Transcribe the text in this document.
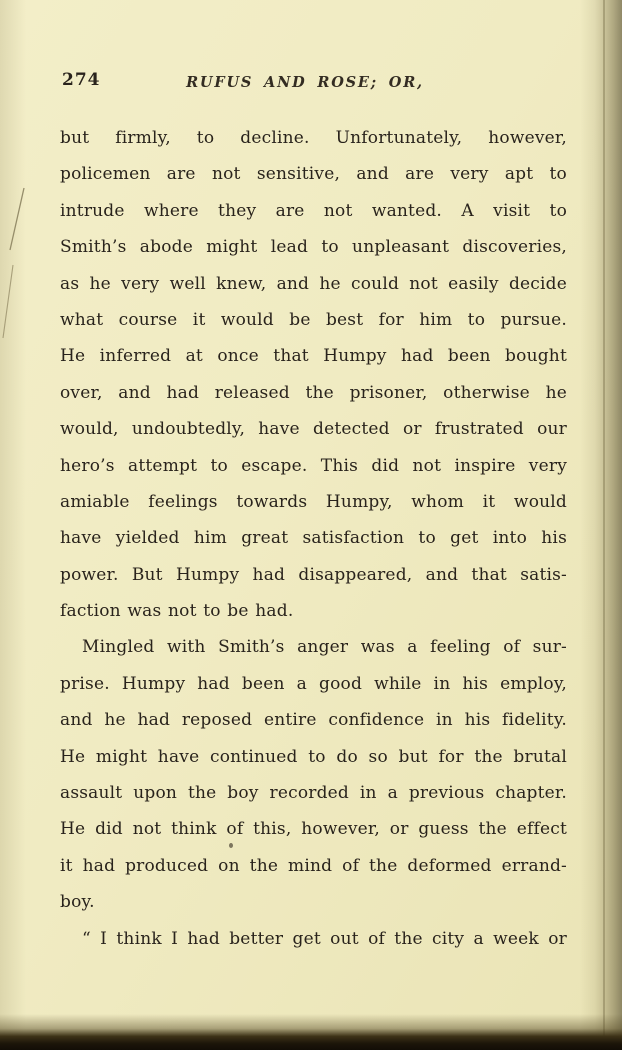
274	RUFUS AND ROSE; OR,
but firmly, to decline. Unfortunately, however,
policemen are not sensitive, and are very apt to
intrude where they are not wanted. A visit to
Smith’s abode might lead to unpleasant discoveries,
as he very well knew, and he could not easily decide
what course it would be best for him to pursue.
He inferred at once that Humpy had been bought
over, and had released the prisoner, otherwise he
would, undoubtedly, have detected or frustrated our
hero’s attempt to escape. This did not inspire very
amiable feelings towards Humpy, whom it would
have yielded him great satisfaction to get into his
power. But Humpy had disappeared, and that satis-
faction was not to be had.
Mingled with Smith’s anger was a feeling of sur-
prise. Humpy had been a good while in his employ,
and he had reposed entire confidence in his fidelity.
He might have continued to do so but for the brutal
assault upon the boy recorded in a previous chapter.
He did not think of this, however, or guess the effect
it had produced on the mind of the deformed errand-
boy.
“ I think I had better get out of the city a week or
